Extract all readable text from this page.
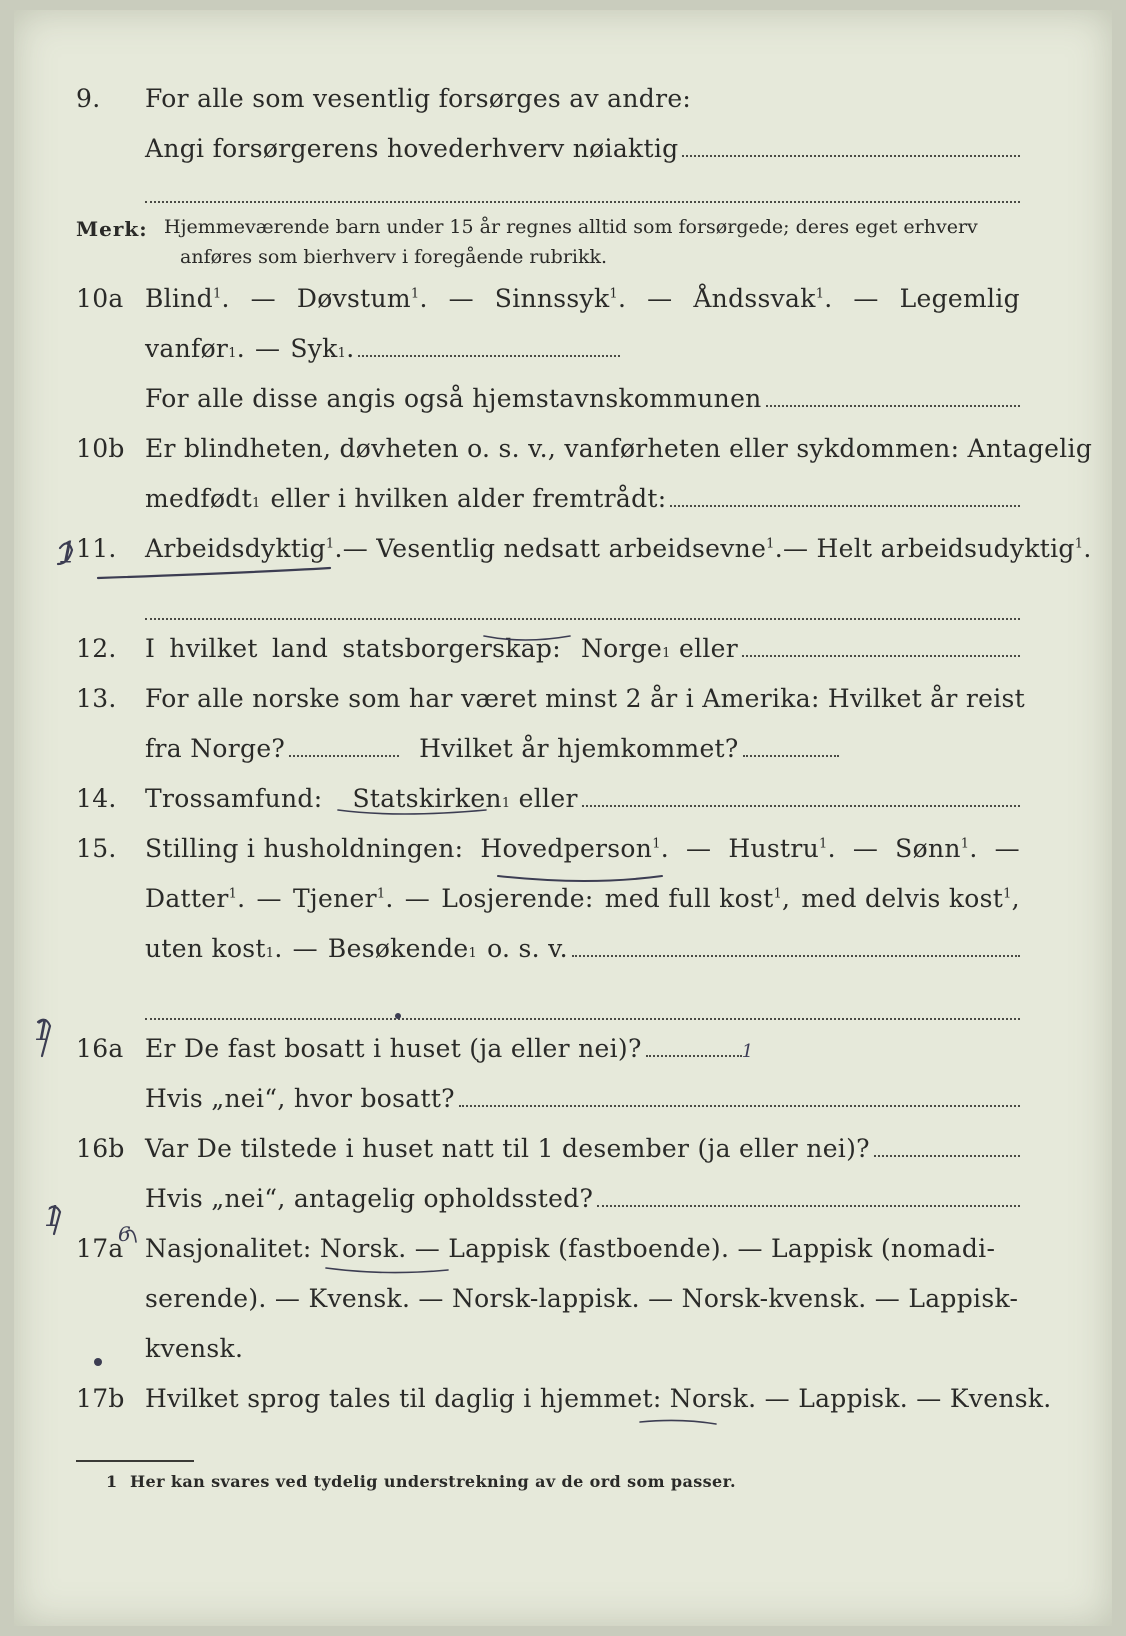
9. For alle som vesentlig forsørges av andre:
Angi forsørgerens hovederhverv nøiaktig
Merk: Hjemmeværende barn under 15 år regnes alltid som forsørgede; deres eget erhverv
anføres som bierhverv i foregående rubrikk.
10a Blind$^1$. — Døvstum$^1$. — Sinnssyk$^1$. — Åndssvak$^1$. — Legemlig
vanfør 1 . — Syk 1 .
For alle disse angis også hjemstavnskommunen
10b Er blindheten, døvheten o. s. v., vanførheten eller sykdommen: Antagelig
medfødt 1 eller i hvilken alder fremtrådt:
11. Arbeidsdyktig$^1$. — Vesentlig nedsatt arbeidsevne$^1$. — Helt arbeidsudyktig$^1$.
12. I hvilket land statsborgerskap: Norge 1
eller
13. For alle norske som har været minst 2 år i Amerika: Hvilket år reist
fra Norge?	Hvilket år hjemkommet?
14. Trossamfund: Statskirken 1
eller
15. Stilling i husholdningen: Hovedperson$^1$. — Hustru$^1$. — Sønn$^1$. —
Datter$^1$. — Tjener$^1$. — Losjerende: med full kost$^1$, med delvis kost$^1$,
uten kost 1 . — Besøkende 1 o. s. v.
16a Er De fast bosatt i huset (ja eller nei)?	1
Hvis „nei“, hvor bosatt?
16b Var De tilstede i huset natt til 1 desember (ja eller nei)?
Hvis „nei“, antagelig opholdssted?
17a Nasjonalitet: Norsk. — Lappisk (fastboende). — Lappisk (nomadi-
serende). — Kvensk. — Norsk-lappisk. — Norsk-kvensk. — Lappisk-
kvensk.
17b Hvilket sprog tales til daglig i hjemmet: Norsk. — Lappisk. — Kvensk.
1 Her kan svares ved tydelig understrekning av de ord som passer.
1
1
1
6
